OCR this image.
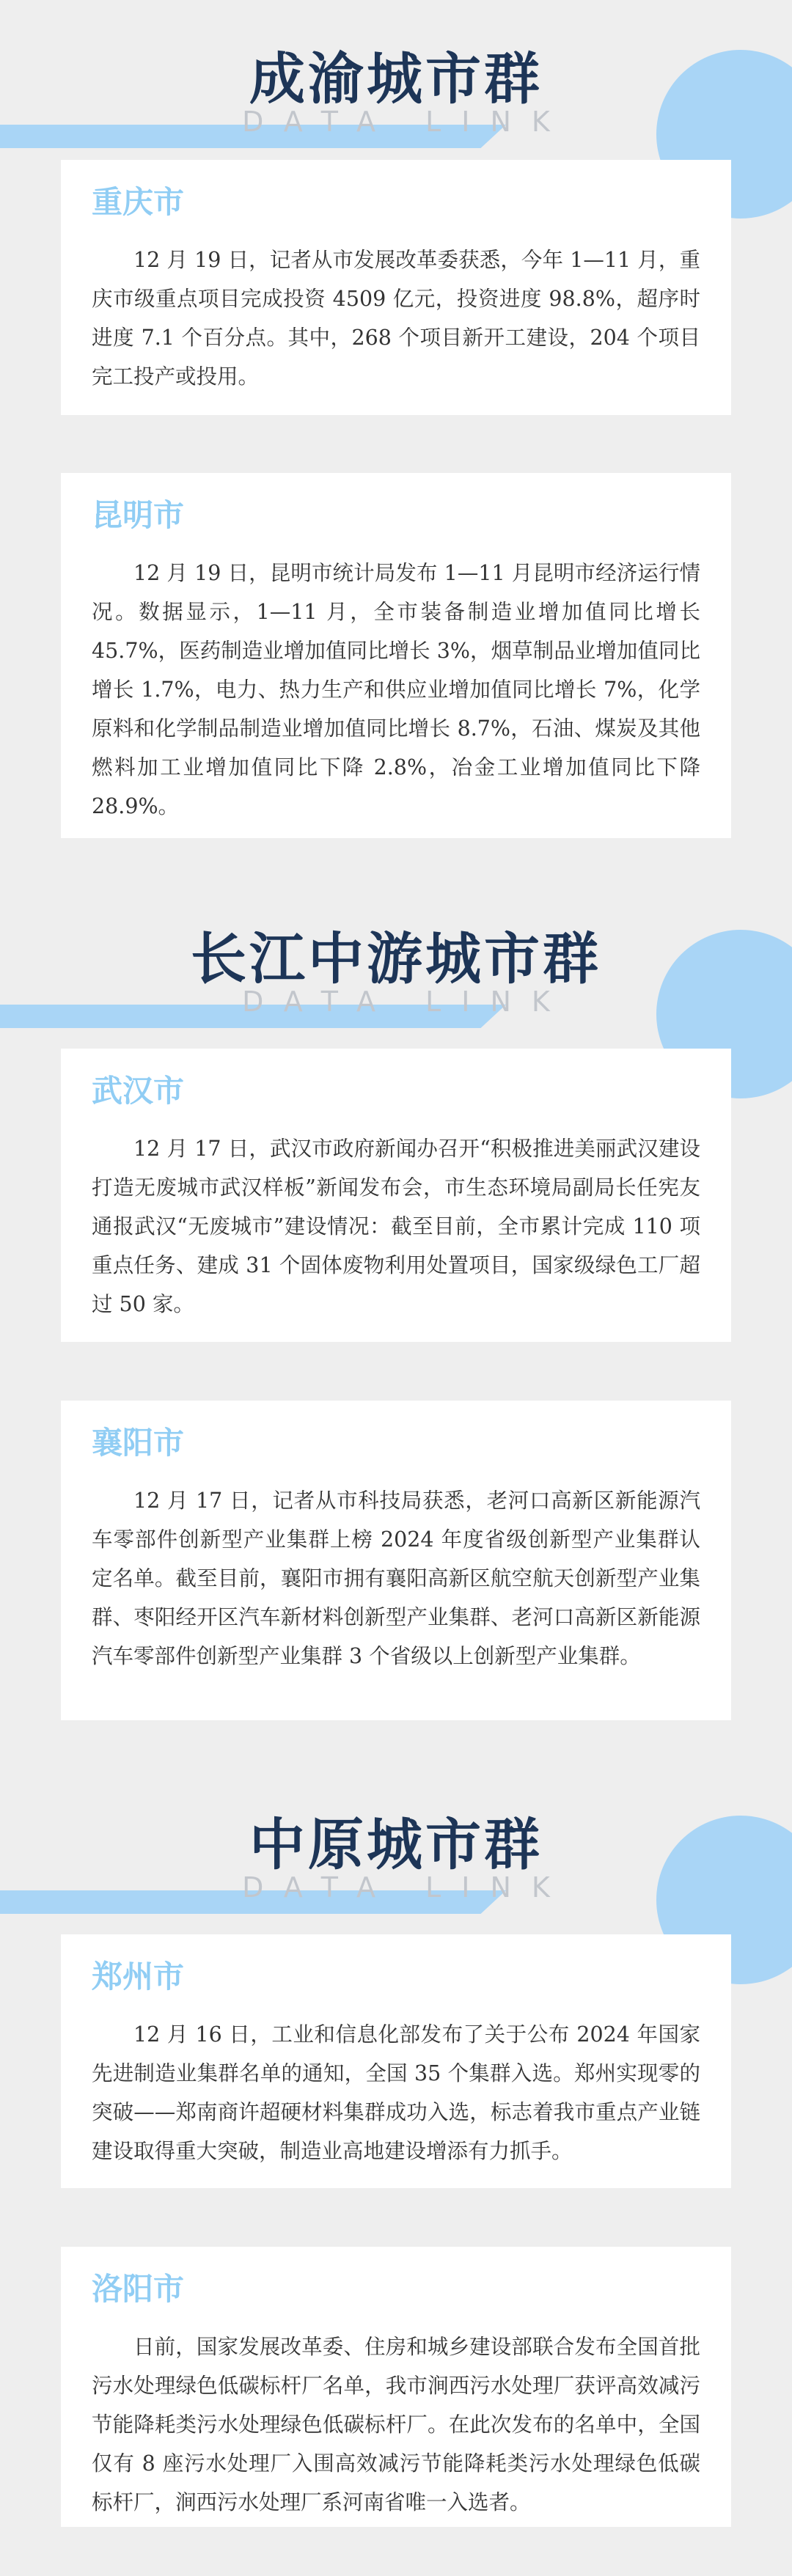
成渝城市群
DATA LINK
重庆市

12 月 19 日，记者从市发展改革委获悉，今年 1—11 月，重庆市级重点项目完成投资 4509 亿元，投资进度 98.8%，超序时进度 7.1 个百分点。其中，268 个项目新开工建设，204 个项目完工投产或投用。

昆明市

12 月 19 日，昆明市统计局发布 1—11 月昆明市经济运行情况。数据显示，1—11 月，全市装备制造业增加值同比增长 45.7%，医药制造业增加值同比增长 3%，烟草制品业增加值同比增长 1.7%，电力、热力生产和供应业增加值同比增长 7%，化学原料和化学制品制造业增加值同比增长 8.7%，石油、煤炭及其他燃料加工业增加值同比下降 2.8%，冶金工业增加值同比下降 28.9%。

长江中游城市群
DATA LINK
武汉市

12 月 17 日，武汉市政府新闻办召开“积极推进美丽武汉建设　打造无废城市武汉样板”新闻发布会，市生态环境局副局长任宪友通报武汉“无废城市”建设情况：截至目前，全市累计完成 110 项重点任务、建成 31 个固体废物利用处置项目，国家级绿色工厂超过 50 家。

襄阳市

12 月 17 日，记者从市科技局获悉，老河口高新区新能源汽车零部件创新型产业集群上榜 2024 年度省级创新型产业集群认定名单。截至目前，襄阳市拥有襄阳高新区航空航天创新型产业集群、枣阳经开区汽车新材料创新型产业集群、老河口高新区新能源汽车零部件创新型产业集群 3 个省级以上创新型产业集群。

中原城市群
DATA LINK
郑州市

12 月 16 日，工业和信息化部发布了关于公布 2024 年国家先进制造业集群名单的通知，全国 35 个集群入选。郑州实现零的突破——郑南商许超硬材料集群成功入选，标志着我市重点产业链建设取得重大突破，制造业高地建设增添有力抓手。

洛阳市

日前，国家发展改革委、住房和城乡建设部联合发布全国首批污水处理绿色低碳标杆厂名单，我市涧西污水处理厂获评高效减污节能降耗类污水处理绿色低碳标杆厂。在此次发布的名单中，全国仅有 8 座污水处理厂入围高效减污节能降耗类污水处理绿色低碳标杆厂，涧西污水处理厂系河南省唯一入选者。
